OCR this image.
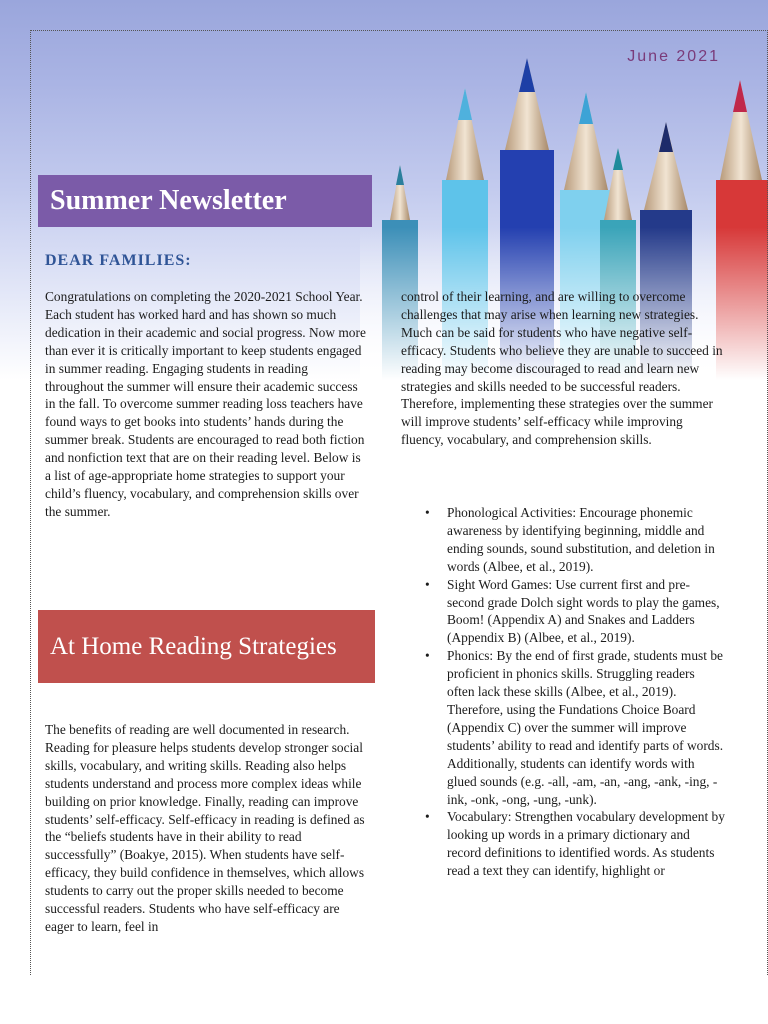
June 2021
Summer Newsletter
DEAR FAMILIES:
Congratulations on completing the 2020-2021 School Year. Each student has worked hard and has shown so much dedication in their academic and social progress. Now more than ever it is critically important to keep students engaged in summer reading. Engaging students in reading throughout the summer will ensure their academic success in the fall. To overcome summer reading loss teachers have found ways to get books into students’ hands during the summer break. Students are encouraged to read both fiction and nonfiction text that are on their reading level. Below is a list of age-appropriate home strategies to support your child’s fluency, vocabulary, and comprehension skills over the summer.
control of their learning, and are willing to overcome challenges that may arise when learning new strategies. Much can be said for students who have negative self-efficacy. Students who believe they are unable to succeed in reading may become discouraged to read and learn new strategies and skills needed to be successful readers. Therefore, implementing these strategies over the summer will improve students’ self-efficacy while improving fluency, vocabulary, and comprehension skills.
At Home Reading Strategies
The benefits of reading are well documented in research. Reading for pleasure helps students develop stronger social skills, vocabulary, and writing skills. Reading also helps students understand and process more complex ideas while building on prior knowledge. Finally, reading can improve students’ self-efficacy. Self-efficacy in reading is defined as the “beliefs students have in their ability to read successfully” (Boakye, 2015). When students have self-efficacy, they build confidence in themselves, which allows students to carry out the proper skills needed to become successful readers. Students who have self-efficacy are eager to learn, feel in
• Phonological Activities: Encourage phonemic awareness by identifying beginning, middle and ending sounds, sound substitution, and deletion in words (Albee, et al., 2019).
• Sight Word Games: Use current first and pre-second grade Dolch sight words to play the games, Boom! (Appendix A) and Snakes and Ladders (Appendix B) (Albee, et al., 2019).
• Phonics: By the end of first grade, students must be proficient in phonics skills. Struggling readers often lack these skills (Albee, et al., 2019). Therefore, using the Fundations Choice Board (Appendix C) over the summer will improve students’ ability to read and identify parts of words. Additionally, students can identify words with glued sounds (e.g. -all, -am, -an, -ang, -ank, -ing, -ink, -onk, -ong, -ung, -unk).
• Vocabulary: Strengthen vocabulary development by looking up words in a primary dictionary and record definitions to identified words. As students read a text they can identify, highlight or
